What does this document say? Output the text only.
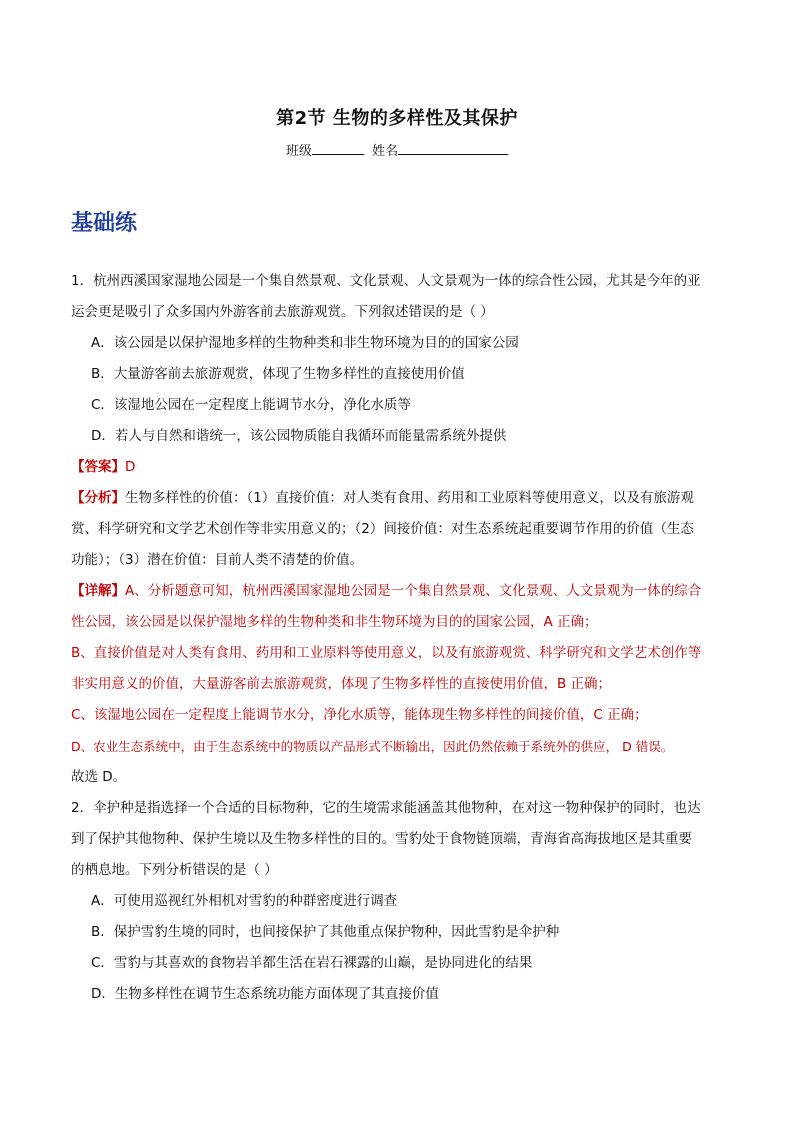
第2节 生物的多样性及其保护
班级	姓名
基础练
1．杭州西溪国家湿地公园是一个集自然景观、文化景观、人文景观为一体的综合性公园，尤其是今年的亚
运会更是吸引了众多国内外游客前去旅游观赏。下列叙述错误的是（ ）
A．该公园是以保护湿地多样的生物种类和非生物环境为目的的国家公园
B．大量游客前去旅游观赏，体现了生物多样性的直接使用价值
C．该湿地公园在一定程度上能调节水分，净化水质等
D．若人与自然和谐统一，该公园物质能自我循环而能量需系统外提供
【答案】D
【分析】生物多样性的价值：（1）直接价值：对人类有食用、药用和工业原料等使用意义，以及有旅游观
赏、科学研究和文学艺术创作等非实用意义的；（2）间接价值：对生态系统起重要调节作用的价值（生态
功能）；（3）潜在价值：目前人类不清楚的价值。
【详解】A、分析题意可知，杭州西溪国家湿地公园是一个集自然景观、文化景观、人文景观为一体的综合
性公园，该公园是以保护湿地多样的生物种类和非生物环境为目的的国家公园，A 正确；
B、直接价值是对人类有食用、药用和工业原料等使用意义，以及有旅游观赏、科学研究和文学艺术创作等
非实用意义的价值，大量游客前去旅游观赏，体现了生物多样性的直接使用价值，B 正确；
C、该湿地公园在一定程度上能调节水分，净化水质等，能体现生物多样性的间接价值，C 正确；
D、农业生态系统中，由于生态系统中的物质以产品形式不断输出，因此仍然依赖于系统外的供应， D 错误。
故选 D。
2．伞护种是指选择一个合适的目标物种，它的生境需求能涵盖其他物种，在对这一物种保护的同时，也达
到了保护其他物种、保护生境以及生物多样性的目的。雪豹处于食物链顶端，青海省高海拔地区是其重要
的栖息地。下列分析错误的是（ ）
A．可使用巡视红外相机对雪豹的种群密度进行调查
B．保护雪豹生境的同时，也间接保护了其他重点保护物种，因此雪豹是伞护种
C．雪豹与其喜欢的食物岩羊都生活在岩石裸露的山巅，是协同进化的结果
D．生物多样性在调节生态系统功能方面体现了其直接价值
